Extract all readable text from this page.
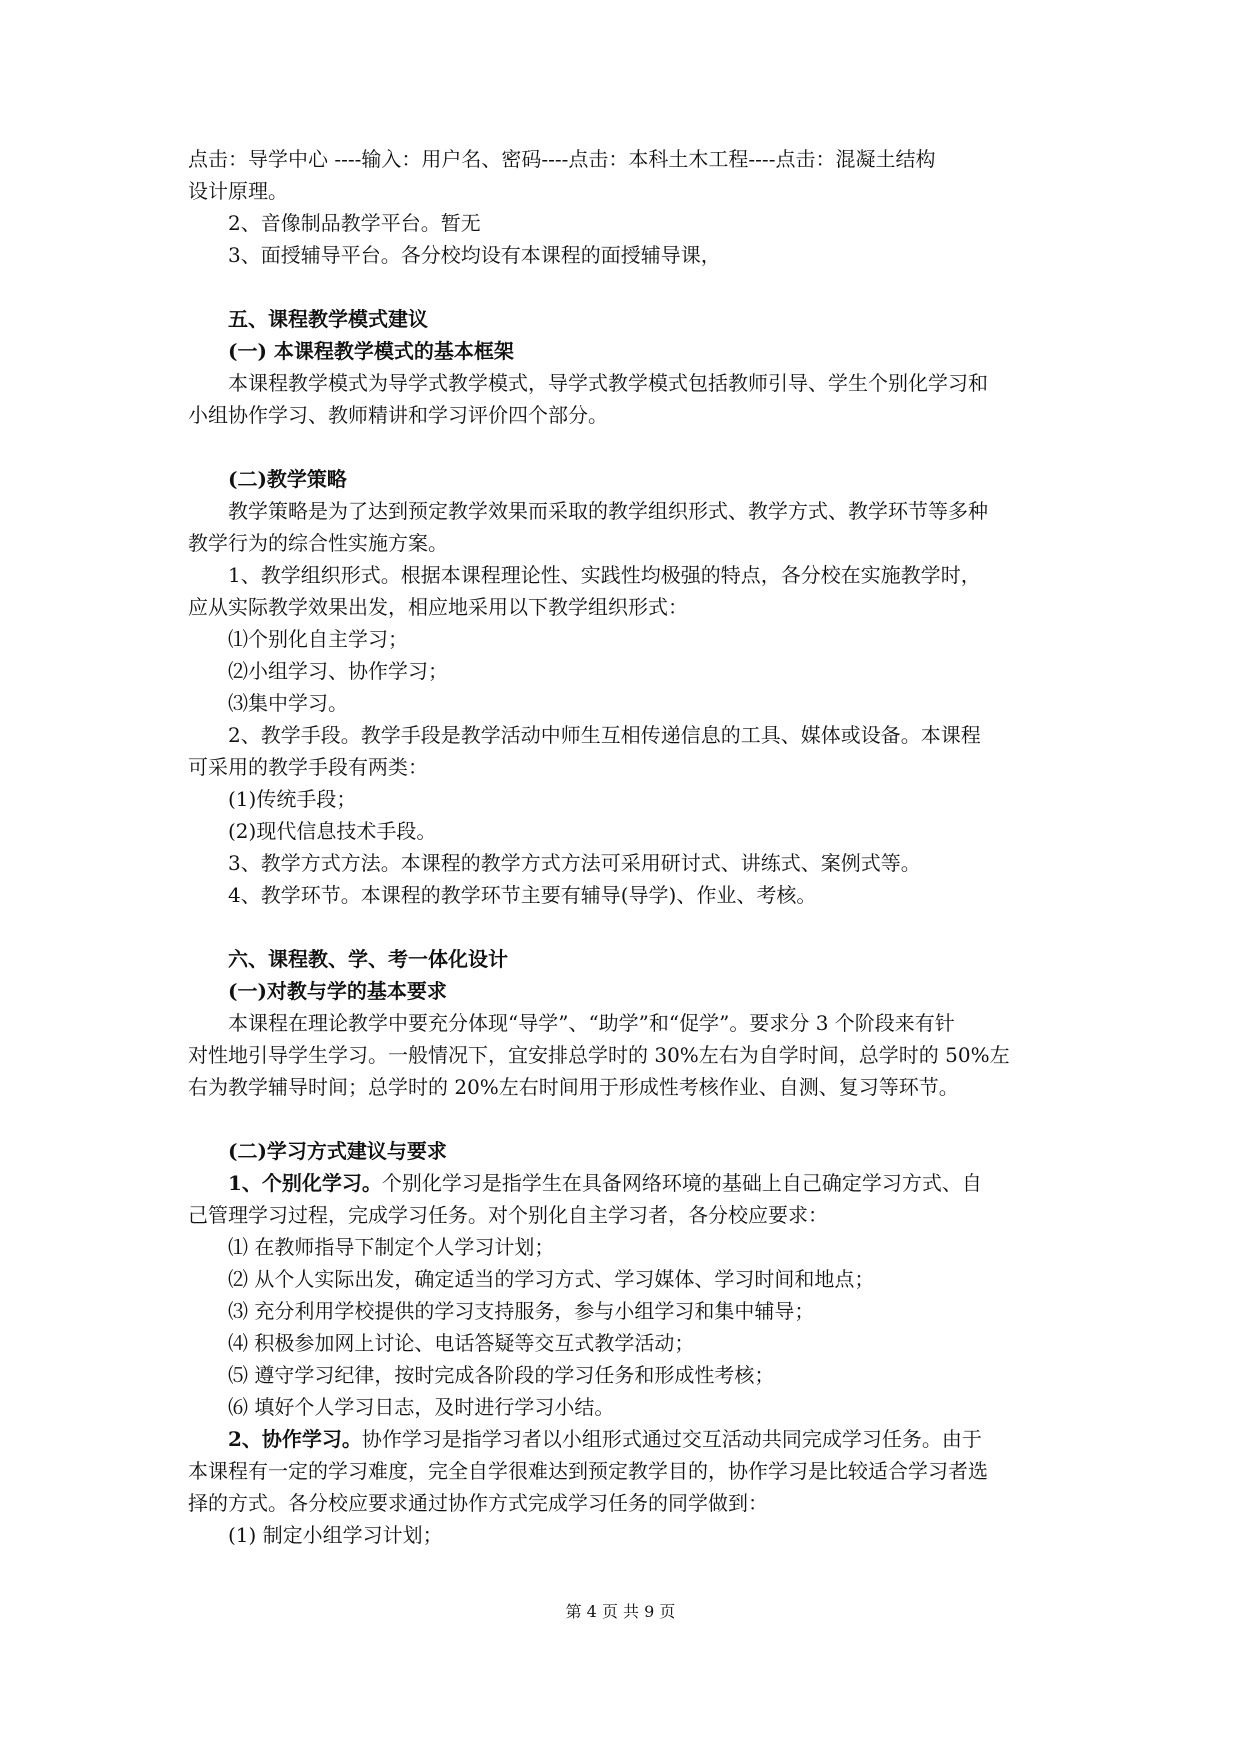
点击：导学中心 ----输入：用户名、密码----点击：本科土木工程----点击：混凝土结构
设计原理。
2、音像制品教学平台。暂无
3、面授辅导平台。各分校均设有本课程的面授辅导课，
五、课程教学模式建议
(一) 本课程教学模式的基本框架
本课程教学模式为导学式教学模式，导学式教学模式包括教师引导、学生个别化学习和
小组协作学习、教师精讲和学习评价四个部分。
(二)教学策略
教学策略是为了达到预定教学效果而采取的教学组织形式、教学方式、教学环节等多种
教学行为的综合性实施方案。
1、教学组织形式。根据本课程理论性、实践性均极强的特点，各分校在实施教学时，
应从实际教学效果出发，相应地采用以下教学组织形式：
⑴个别化自主学习；
⑵小组学习、协作学习；
⑶集中学习。
2、教学手段。教学手段是教学活动中师生互相传递信息的工具、媒体或设备。本课程
可采用的教学手段有两类：
(1)传统手段；
(2)现代信息技术手段。
3、教学方式方法。本课程的教学方式方法可采用研讨式、讲练式、案例式等。
4、教学环节。本课程的教学环节主要有辅导(导学)、作业、考核。
六、课程教、学、考一体化设计
(一)对教与学的基本要求
本课程在理论教学中要充分体现“导学”、“助学”和“促学”。要求分 3 个阶段来有针
对性地引导学生学习。一般情况下，宜安排总学时的 30%左右为自学时间，总学时的 50%左
右为教学辅导时间；总学时的 20%左右时间用于形成性考核作业、自测、复习等环节。
(二)学习方式建议与要求
1、个别化学习。个别化学习是指学生在具备网络环境的基础上自己确定学习方式、自
己管理学习过程，完成学习任务。对个别化自主学习者，各分校应要求：
⑴ 在教师指导下制定个人学习计划；
⑵ 从个人实际出发，确定适当的学习方式、学习媒体、学习时间和地点；
⑶ 充分利用学校提供的学习支持服务，参与小组学习和集中辅导；
⑷ 积极参加网上讨论、电话答疑等交互式教学活动；
⑸ 遵守学习纪律，按时完成各阶段的学习任务和形成性考核；
⑹ 填好个人学习日志，及时进行学习小结。
2、协作学习。协作学习是指学习者以小组形式通过交互活动共同完成学习任务。由于
本课程有一定的学习难度，完全自学很难达到预定教学目的，协作学习是比较适合学习者选
择的方式。各分校应要求通过协作方式完成学习任务的同学做到：
(1) 制定小组学习计划；
第 4 页 共 9 页
